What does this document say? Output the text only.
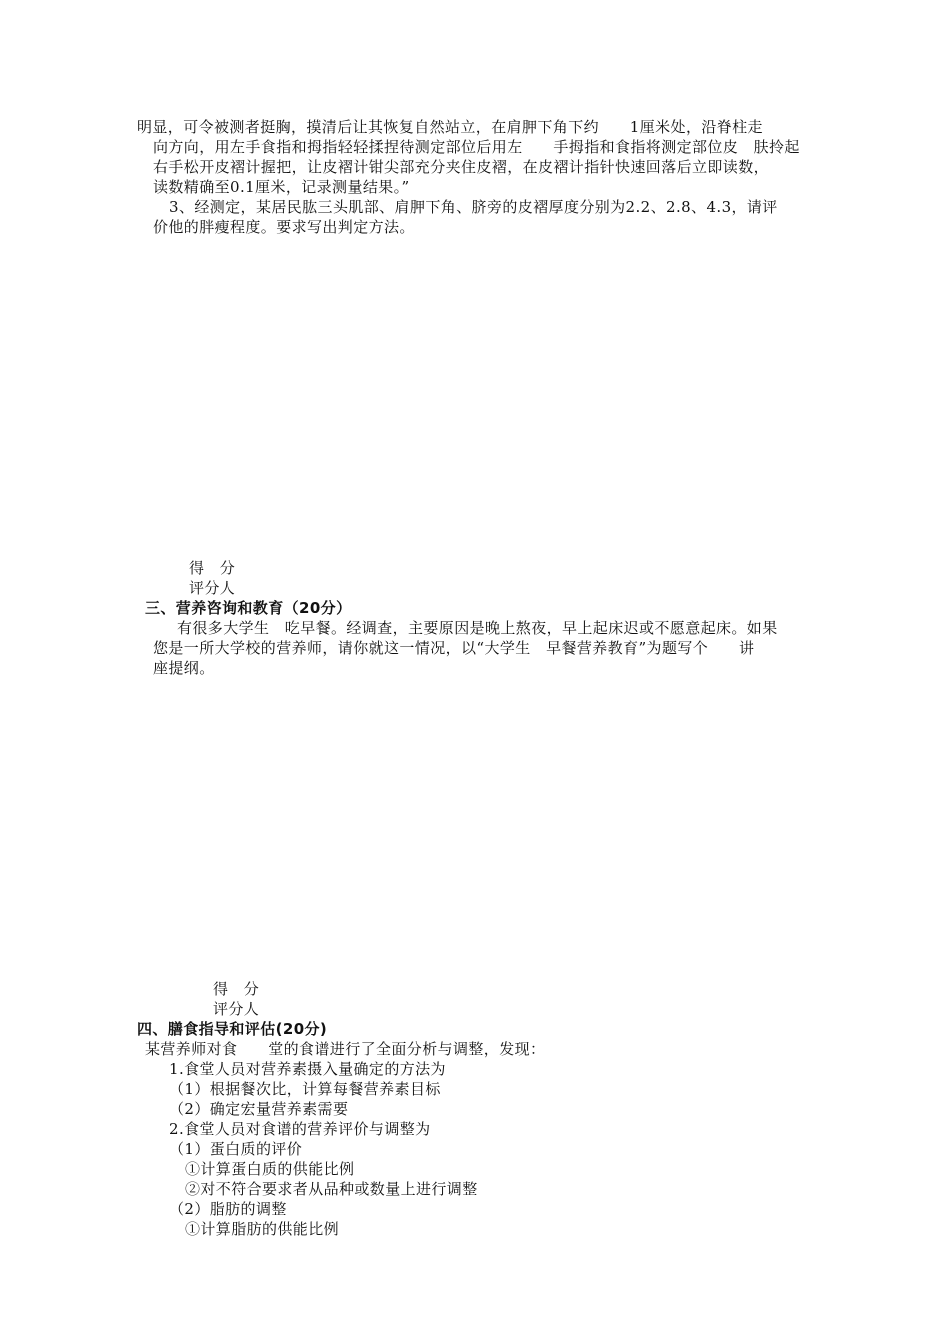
明显，可令被测者挺胸，摸清后让其恢复自然站立，在肩胛下角下约　　1厘米处，沿脊柱走
向方向，用左手食指和拇指轻轻揉捏待测定部位后用左　　手拇指和食指将测定部位皮　肤拎起
右手松开皮褶计握把，让皮褶计钳尖部充分夹住皮褶，在皮褶计指针快速回落后立即读数，
读数精确至0.1厘米，记录测量结果。”
3、经测定，某居民肱三头肌部、肩胛下角、脐旁的皮褶厚度分别为2.2、2.8、4.3，请评
价他的胖瘦程度。要求写出判定方法。
得　分
评分人
三、营养咨询和教育（20分）
有很多大学生　吃早餐。经调查，主要原因是晚上熬夜，早上起床迟或不愿意起床。如果
您是一所大学校的营养师，请你就这一情况，以“大学生　早餐营养教育”为题写个　　讲
座提纲。
得　分
评分人
四、膳食指导和评估(20分)
某营养师对食　　堂的食谱进行了全面分析与调整，发现：
1.食堂人员对营养素摄入量确定的方法为
（1）根据餐次比，计算每餐营养素目标
（2）确定宏量营养素需要
2.食堂人员对食谱的营养评价与调整为
（1）蛋白质的评价
①计算蛋白质的供能比例
②对不符合要求者从品种或数量上进行调整
（2）脂肪的调整
①计算脂肪的供能比例
